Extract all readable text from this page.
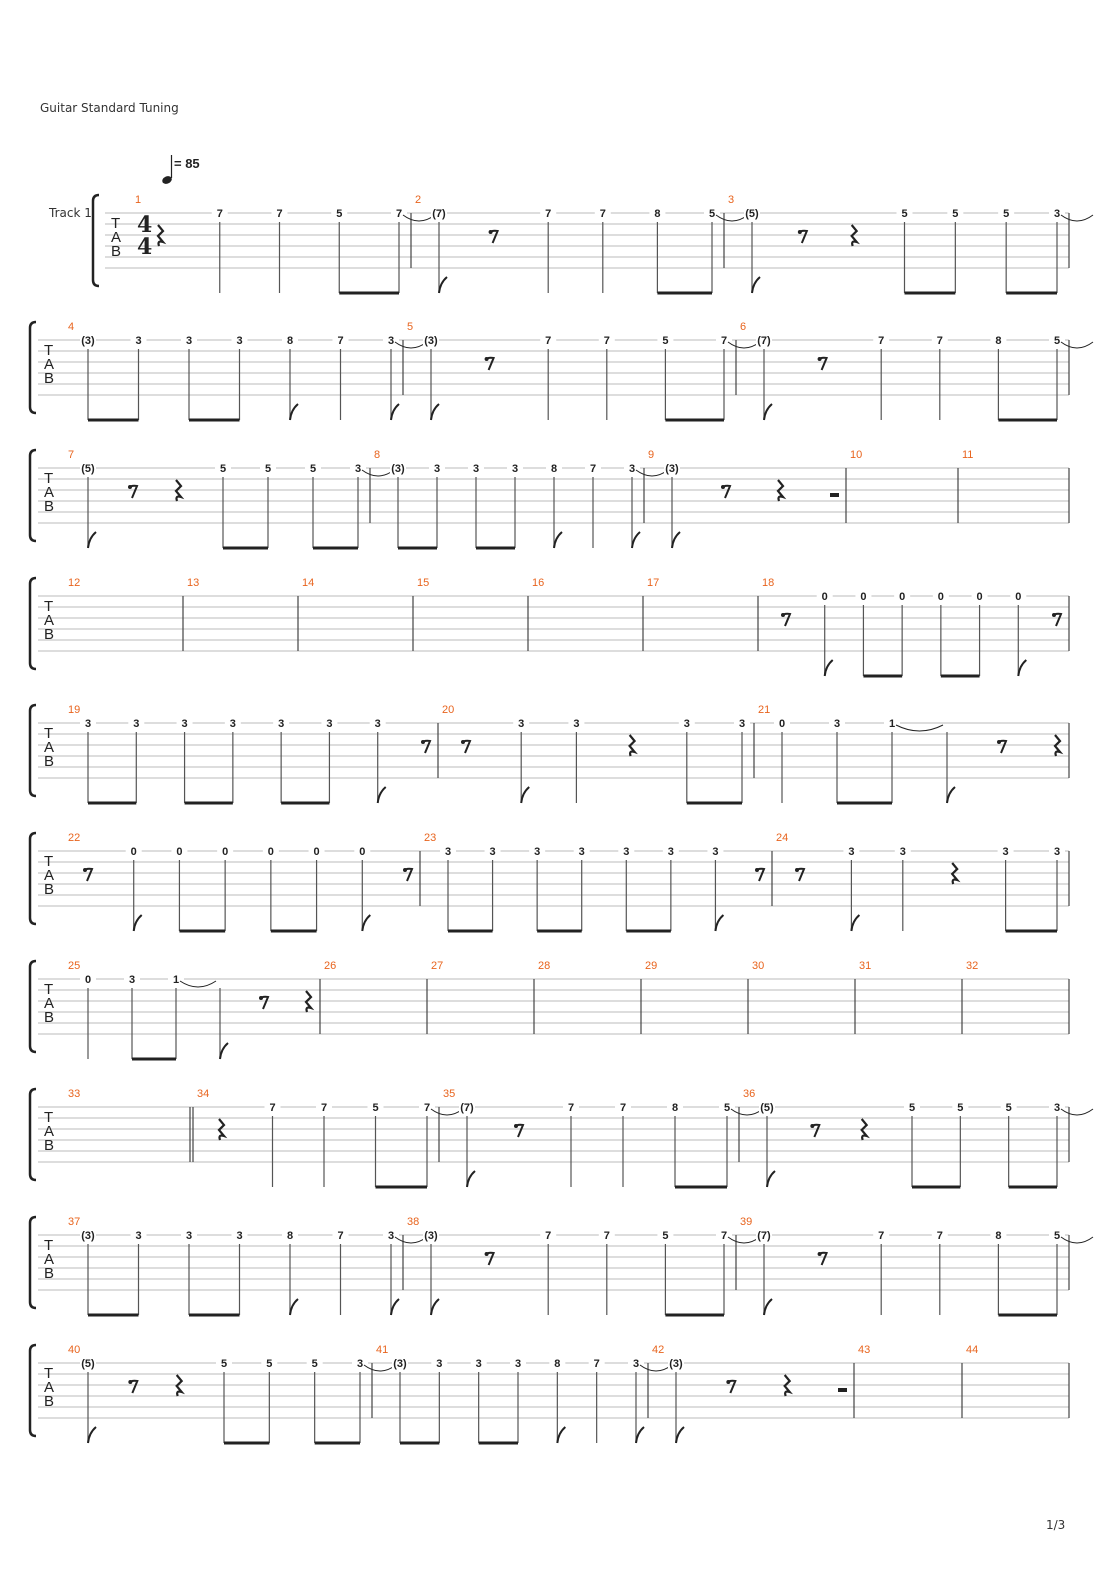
Guitar Standard Tuning
= 85
Track 1
T
A
B
4
4
1
7	7	5	7
2
(7)	7	7	8	5
3
(5)	5	5	5	3
T
A
B
4
(3)	3	3	3	8	7	3
5
(3)	7	7	5	7
6
(7)	7	7	8	5
T
A
B
7
(5)	5	5	5	3
8
(3)	3	3	3	8	7	3
9
(3)
10	11
T
A
B
12	13	14	15	16	17	18
0	0	0	0	0	0
T
A
B
19
3	3	3	3	3	3	3
20
3	3	3	3
21
0	3	1
T
A
B
22
0	0	0	0	0	0
23
3	3	3	3	3	3	3
24
3	3	3	3
T
A
B
25
0	3	1
26	27	28	29	30	31	32
T
A
B
33	34
7	7	5	7
35
(7)	7	7	8	5
36
(5)	5	5	5	3
T
A
B
37
(3)	3	3	3	8	7	3
38
(3)	7	7	5	7
39
(7)	7	7	8	5
T
A
B
40
(5)	5	5	5	3
41
(3)	3	3	3	8	7	3
42
(3)
43	44
1/3
